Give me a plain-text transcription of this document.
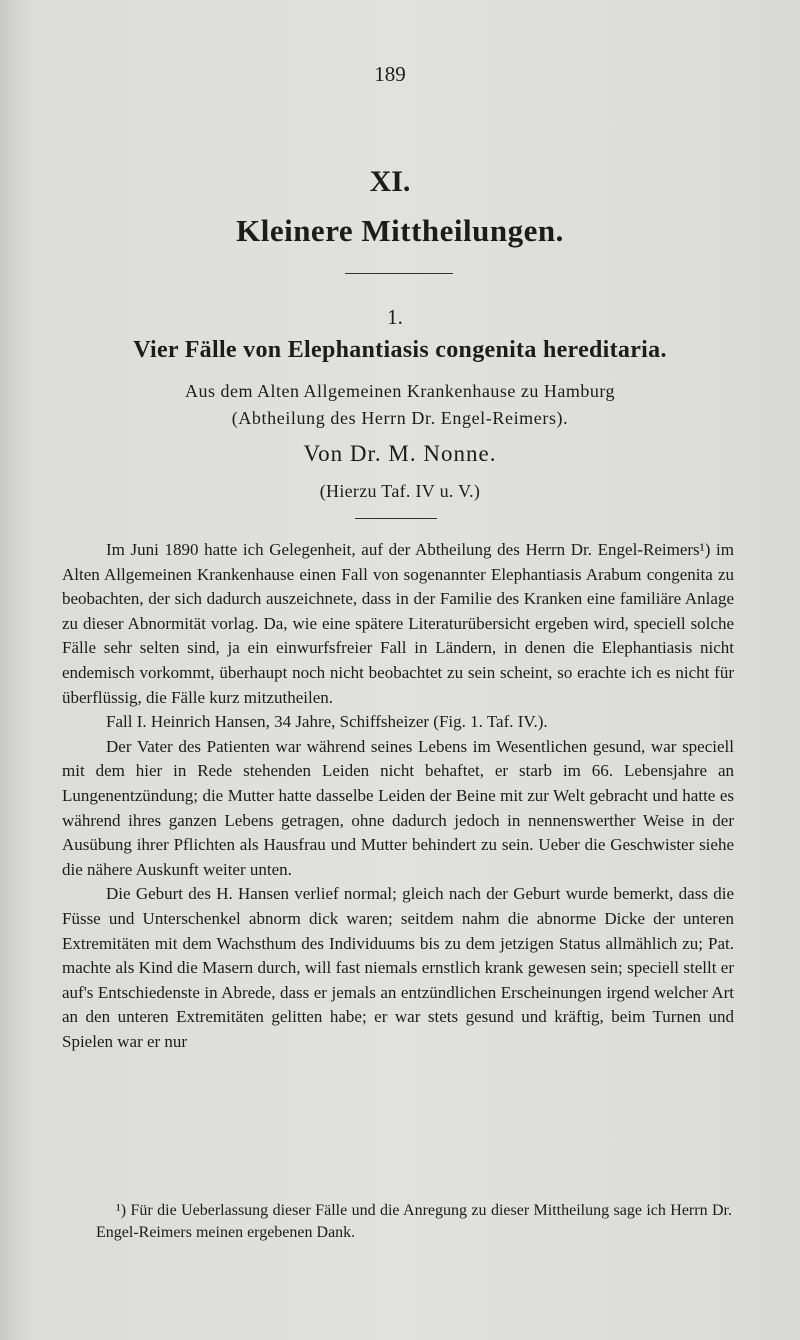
189
XI.
Kleinere Mittheilungen.
1.
Vier Fälle von Elephantiasis congenita hereditaria.
Aus dem Alten Allgemeinen Krankenhause zu Hamburg
(Abtheilung des Herrn Dr. Engel-Reimers).
Von Dr. M. Nonne.
(Hierzu Taf. IV u. V.)

Im Juni 1890 hatte ich Gelegenheit, auf der Abtheilung des Herrn Dr. Engel-Reimers¹) im Alten Allgemeinen Krankenhause einen Fall von sogenannter Elephantiasis Arabum congenita zu beobachten, der sich dadurch auszeichnete, dass in der Familie des Kranken eine familiäre Anlage zu dieser Abnormität vorlag. Da, wie eine spätere Literaturübersicht ergeben wird, speciell solche Fälle sehr selten sind, ja ein einwurfsfreier Fall in Ländern, in denen die Elephantiasis nicht endemisch vorkommt, überhaupt noch nicht beobachtet zu sein scheint, so erachte ich es nicht für überflüssig, die Fälle kurz mitzutheilen.

Fall I. Heinrich Hansen, 34 Jahre, Schiffsheizer (Fig. 1. Taf. IV.).

Der Vater des Patienten war während seines Lebens im Wesentlichen gesund, war speciell mit dem hier in Rede stehenden Leiden nicht behaftet, er starb im 66. Lebensjahre an Lungenentzündung; die Mutter hatte dasselbe Leiden der Beine mit zur Welt gebracht und hatte es während ihres ganzen Lebens getragen, ohne dadurch jedoch in nennenswerther Weise in der Ausübung ihrer Pflichten als Hausfrau und Mutter behindert zu sein. Ueber die Geschwister siehe die nähere Auskunft weiter unten.

Die Geburt des H. Hansen verlief normal; gleich nach der Geburt wurde bemerkt, dass die Füsse und Unterschenkel abnorm dick waren; seitdem nahm die abnorme Dicke der unteren Extremitäten mit dem Wachsthum des Individuums bis zu dem jetzigen Status allmählich zu; Pat. machte als Kind die Masern durch, will fast niemals ernstlich krank gewesen sein; speciell stellt er auf's Entschiedenste in Abrede, dass er jemals an entzündlichen Erscheinungen irgend welcher Art an den unteren Extremitäten gelitten habe; er war stets gesund und kräftig, beim Turnen und Spielen war er nur

¹) Für die Ueberlassung dieser Fälle und die Anregung zu dieser Mittheilung sage ich Herrn Dr. Engel-Reimers meinen ergebenen Dank.
